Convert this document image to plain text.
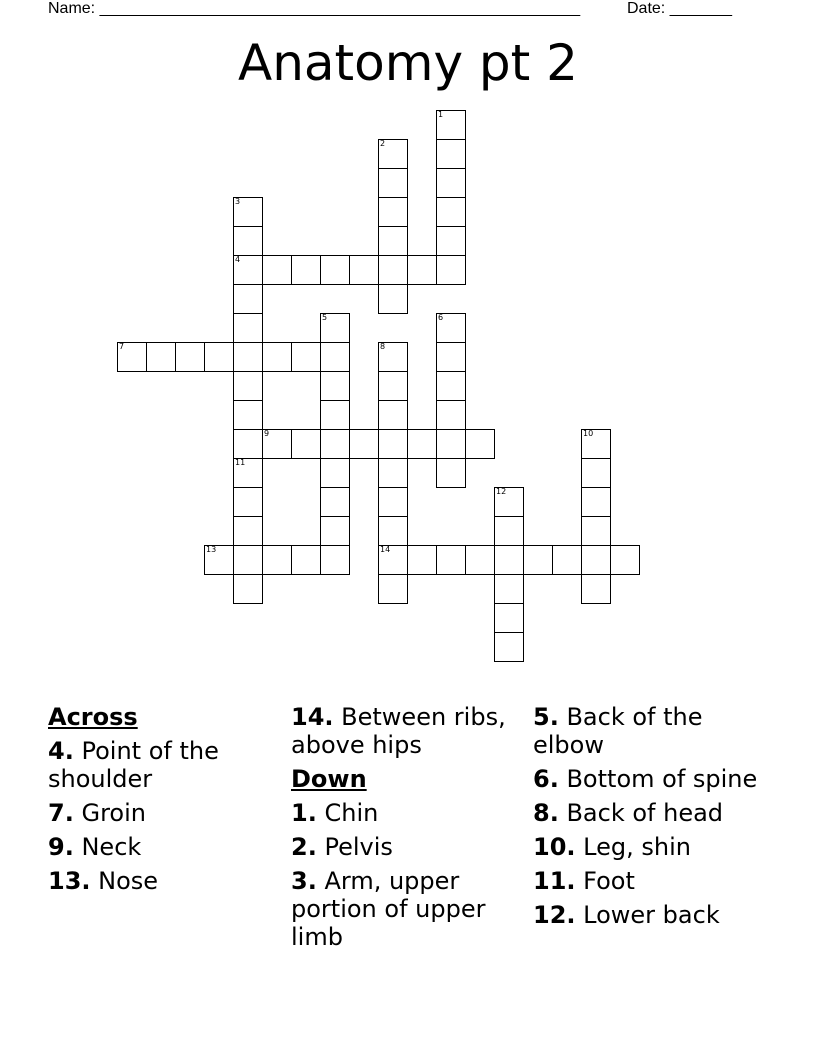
Name: ______________________________________________________	Date: _______
Anatomy pt 2
1
2
3
4
5	6
7	8
14
9	10
11
12
13
Across
4. Point of the shoulder
7. Groin
9. Neck
13. Nose
14. Between ribs, above hips
Down
1. Chin
2. Pelvis
3. Arm, upper portion of upper limb
5. Back of the elbow
6. Bottom of spine
8. Back of head
10. Leg, shin
11. Foot
12. Lower back
